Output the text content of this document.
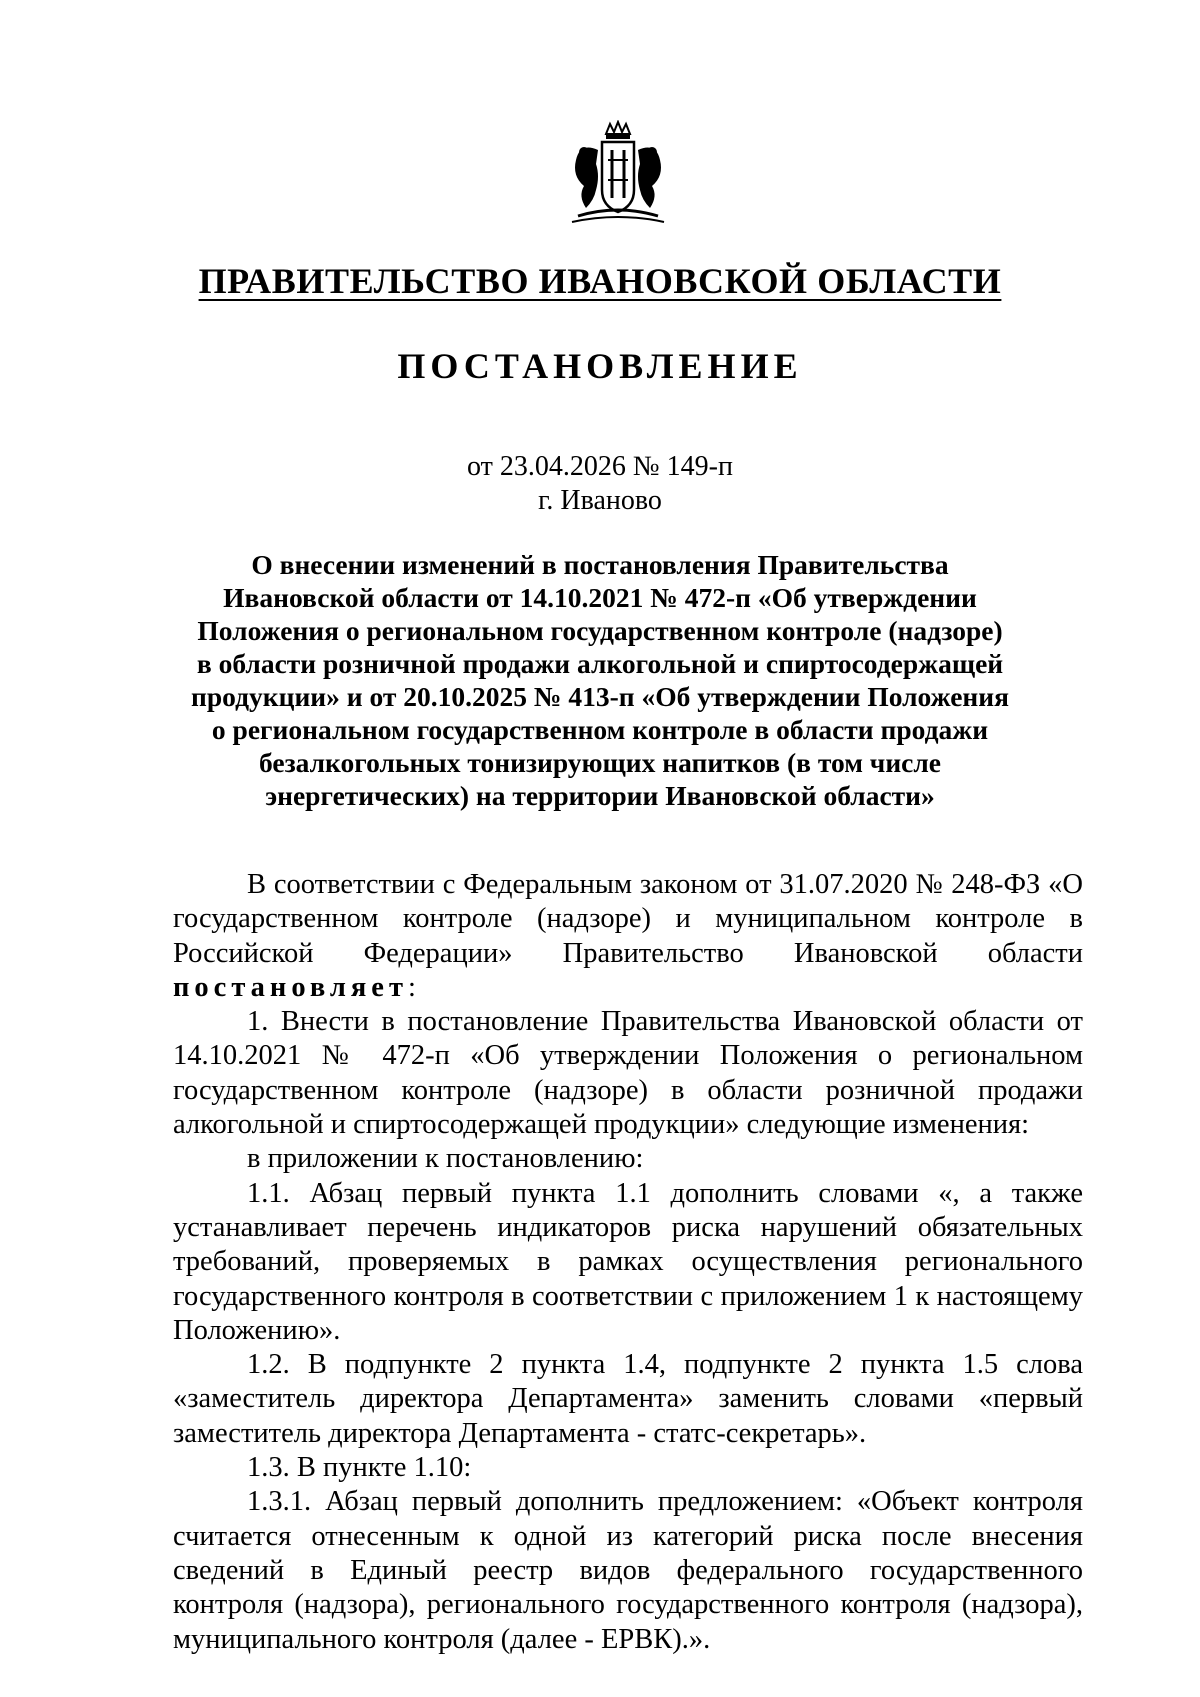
ПРАВИТЕЛЬСТВО ИВАНОВСКОЙ ОБЛАСТИ
ПОСТАНОВЛЕНИЕ
от 23.04.2026 № 149-п
г. Иваново
О внесении изменений в постановления Правительства
Ивановской области от 14.10.2021 № 472-п «Об утверждении
Положения о региональном государственном контроле (надзоре)
в области розничной продажи алкогольной и спиртосодержащей
продукции» и от 20.10.2025 № 413-п «Об утверждении Положения
о региональном государственном контроле в области продажи
безалкогольных тонизирующих напитков (в том числе
энергетических) на территории Ивановской области»

В соответствии с Федеральным законом от 31.07.2020 № 248-ФЗ «О государственном контроле (надзоре) и муниципальном контроле в Российской Федерации» Правительство Ивановской области постановляет:

1. Внести в постановление Правительства Ивановской области от 14.10.2021 № 472-п «Об утверждении Положения о региональном государственном контроле (надзоре) в области розничной продажи алкогольной и спиртосодержащей продукции» следующие изменения:

в приложении к постановлению:

1.1. Абзац первый пункта 1.1 дополнить словами «, а также устанавливает перечень индикаторов риска нарушений обязательных требований, проверяемых в рамках осуществления регионального государственного контроля в соответствии с приложением 1 к настоящему Положению».

1.2. В подпункте 2 пункта 1.4, подпункте 2 пункта 1.5 слова «заместитель директора Департамента» заменить словами «первый заместитель директора Департамента - статс-секретарь».

1.3. В пункте 1.10:

1.3.1. Абзац первый дополнить предложением: «Объект контроля считается отнесенным к одной из категорий риска после внесения сведений в Единый реестр видов федерального государственного контроля (надзора), регионального государственного контроля (надзора), муниципального контроля (далее - ЕРВК).».
